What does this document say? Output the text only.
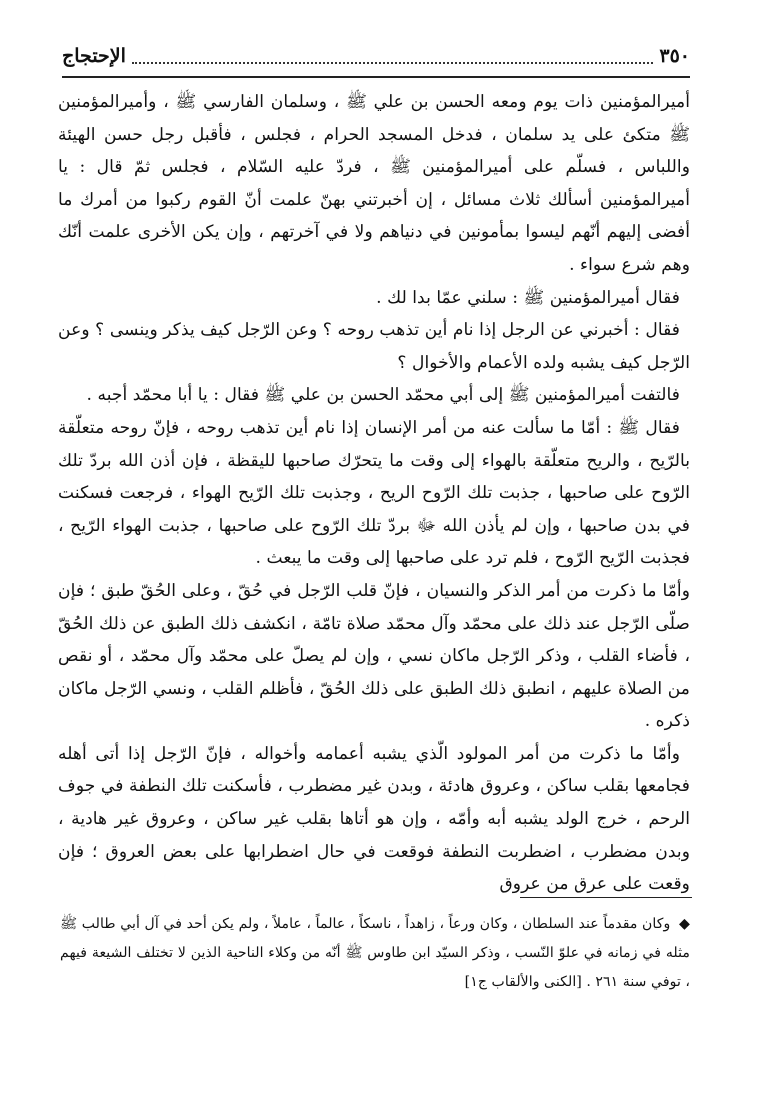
٣٥٠
الإحتجاج

أميرالمؤمنين ذات يوم ومعه الحسن بن علي ﷺ ، وسلمان الفارسي ﷺ ، وأميرالمؤمنين ﷺ متكئ على يد سلمان ، فدخل المسجد الحرام ، فجلس ، فأقبل رجل حسن الهيئة واللباس ، فسلّم على أميرالمؤمنين ﷺ ، فردّ عليه السّلام ، فجلس ثمّ قال : يا أميرالمؤمنين أسألك ثلاث مسائل ، إن أخبرتني بهنّ علمت أنّ القوم ركبوا من أمرك ما أفضى إليهم أنّهم ليسوا بمأمونين في دنياهم ولا في آخرتهم ، وإن يكن الأخرى علمت أنّك وهم شرع سواء .

فقال أميرالمؤمنين ﷺ : سلني عمّا بدا لك .

فقال : أخبرني عن الرجل إذا نام أين تذهب روحه ؟ وعن الرّجل كيف يذكر وينسى ؟ وعن الرّجل كيف يشبه ولده الأعمام والأخوال ؟

فالتفت أميرالمؤمنين ﷺ إلى أبي محمّد الحسن بن علي ﷺ فقال : يا أبا محمّد أجبه .

فقال ﷺ : أمّا ما سألت عنه من أمر الإنسان إذا نام أين تذهب روحه ، فإنّ روحه متعلّقة بالرّيح ، والريح متعلّقة بالهواء إلى وقت ما يتحرّك صاحبها لليقظة ، فإن أذن الله بردّ تلك الرّوح على صاحبها ، جذبت تلك الرّوح الريح ، وجذبت تلك الرّيح الهواء ، فرجعت فسكنت في بدن صاحبها ، وإن لم يأذن الله ﷻ بردّ تلك الرّوح على صاحبها ، جذبت الهواء الرّيح ، فجذبت الرّيح الرّوح ، فلم ترد على صاحبها إلى وقت ما يبعث .

وأمّا ما ذكرت من أمر الذكر والنسيان ، فإنّ قلب الرّجل في حُقّ ، وعلى الحُقّ طبق ؛ فإن صلّى الرّجل عند ذلك على محمّد وآل محمّد صلاة تامّة ، انكشف ذلك الطبق عن ذلك الحُقّ ، فأضاء القلب ، وذكر الرّجل ماكان نسي ، وإن لم يصلّ على محمّد وآل محمّد ، أو نقص من الصلاة عليهم ، انطبق ذلك الطبق على ذلك الحُقّ ، فأظلم القلب ، ونسي الرّجل ماكان ذكره .

وأمّا ما ذكرت من أمر المولود الّذي يشبه أعمامه وأخواله ، فإنّ الرّجل إذا أتى أهله فجامعها بقلب ساكن ، وعروق هادئة ، وبدن غير مضطرب ، فأسكنت تلك النطفة في جوف الرحم ، خرج الولد يشبه أبه وأمّه ، وإن هو أتاها بقلب غير ساكن ، وعروق غير هادية ، وبدن مضطرب ، اضطربت النطفة فوقعت في حال اضطرابها على بعض العروق ؛ فإن وقعت على عرق من عروق

◆ وكان مقدماً عند السلطان ، وكان ورعاً ، زاهداً ، ناسكاً ، عالماً ، عاملاً ، ولم يكن أحد في آل أبي طالب ﷺ مثله في زمانه في علوّ النّسب ، وذكر السيّد ابن طاوس ﷺ أنّه من وكلاء الناحية الذين لا تختلف الشيعة فيهم ، توفي سنة ٢٦١ . [الكنى والألقاب ج١]
